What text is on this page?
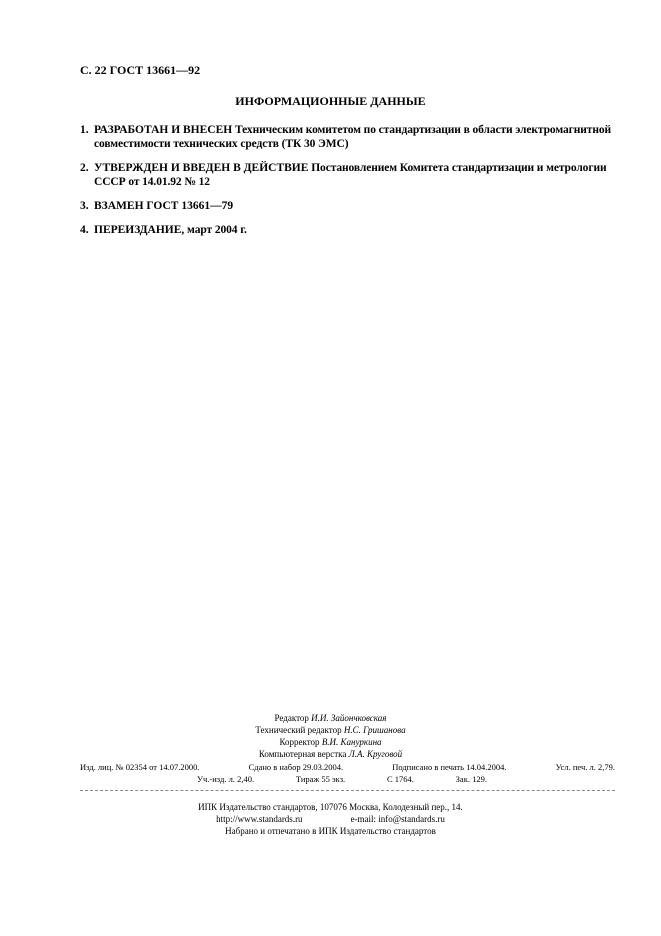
С. 22 ГОСТ 13661—92
ИНФОРМАЦИОННЫЕ ДАННЫЕ
1. РАЗРАБОТАН И ВНЕСЕН Техническим комитетом по стандартизации в области электромагнитной совместимости технических средств (ТК 30 ЭМС)
2. УТВЕРЖДЕН И ВВЕДЕН В ДЕЙСТВИЕ Постановлением Комитета стандартизации и метрологии СССР от 14.01.92 № 12
3. ВЗАМЕН ГОСТ 13661—79
4. ПЕРЕИЗДАНИЕ, март 2004 г.
Редактор И.И. Зайончковская
Технический редактор Н.С. Гришанова
Корректор В.И. Кануркина
Компьютерная верстка Л.А. Круговой
Изд. лиц. № 02354 от 14.07.2000.	Сдано в набор 29.03.2004.	Подписано в печать 14.04.2004.	Усл. печ. л. 2,79.
Уч.-изд. л. 2,40.	Тираж 55 экз.	С 1764.	Зак. 129.
ИПК Издательство стандартов, 107076 Москва, Колодезный пер., 14.
http://www.standards.ru	e-mail: info@standards.ru
Набрано и отпечатано в ИПК Издательство стандартов
